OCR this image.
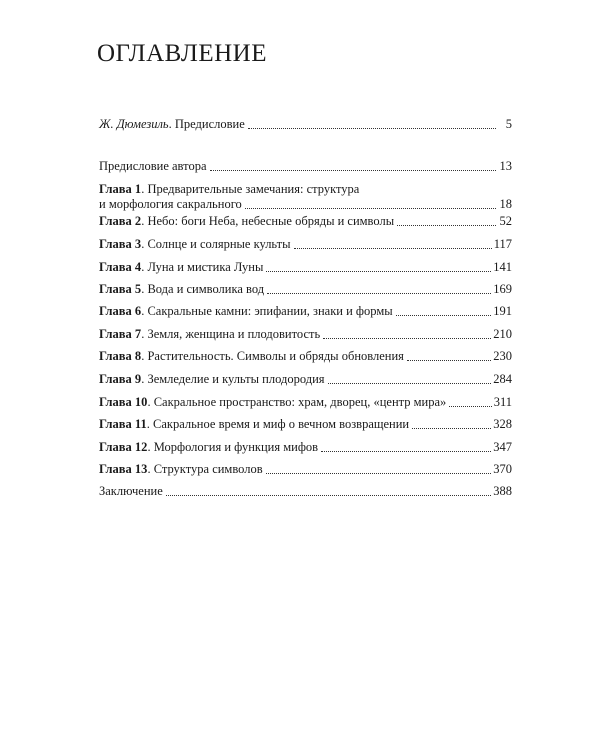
ОГЛАВЛЕНИЕ
Ж. Дюмезиль. Предисловие	5
Предисловие автора	13
Глава 1. Предварительные замечания: структура
и морфология сакрального	18
Глава 2. Небо: боги Неба, небесные обряды и символы	52
Глава 3. Солнце и солярные культы	117
Глава 4. Луна и мистика Луны	141
Глава 5. Вода и символика вод	169
Глава 6. Сакральные камни: эпифании, знаки и формы	191
Глава 7. Земля, женщина и плодовитость	210
Глава 8. Растительность. Символы и обряды обновления	230
Глава 9. Земледелие и культы плодородия	284
Глава 10. Сакральное пространство: храм, дворец, «центр мира»	311
Глава 11. Сакральное время и миф о вечном возвращении	328
Глава 12. Морфология и функция мифов	347
Глава 13. Структура символов	370
Заключение	388
